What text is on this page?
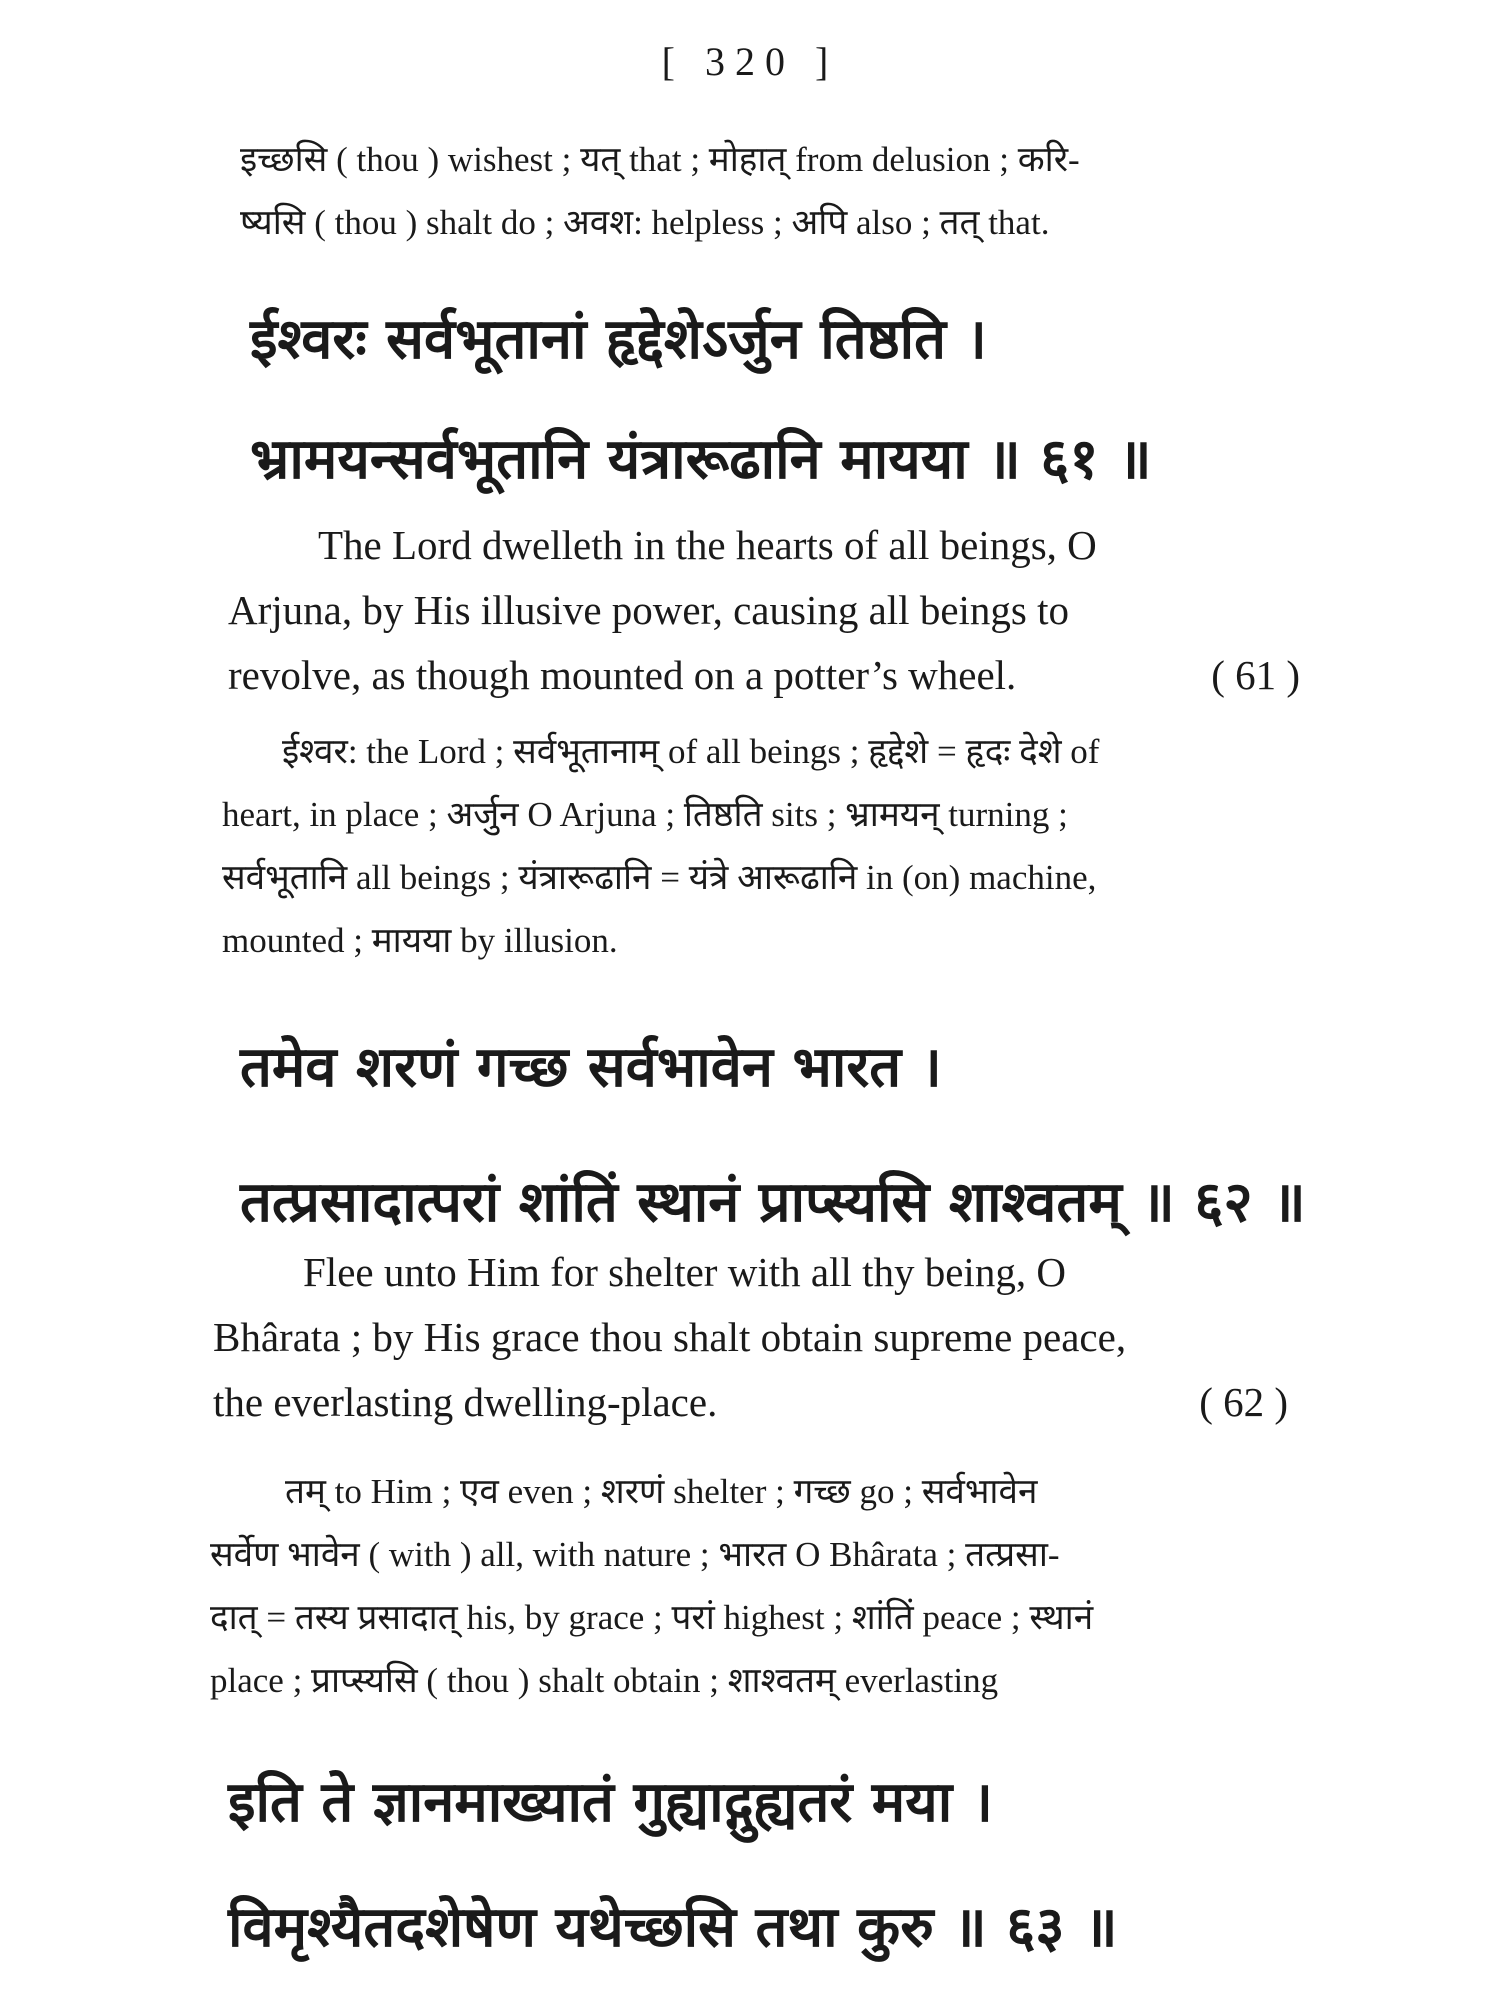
[ 320 ]
इच्छसि ( thou ) wishest ; यत् that ; मोहात् from delusion ; करि-
ष्यसि ( thou ) shalt do ; अवश: helpless ; अपि also ; तत् that.
ईश्वरः सर्वभूतानां हृद्देशेऽर्जुन तिष्ठति ।
भ्रामयन्सर्वभूतानि यंत्रारूढानि मायया ॥ ६१ ॥
The Lord dwelleth in the hearts of all beings, O
Arjuna, by His illusive power, causing all beings to
revolve, as though mounted on a potter’s wheel.	( 61 )
ईश्वर: the Lord ; सर्वभूतानाम् of all beings ; हृद्देशे = हृदः देशे of
heart, in place ; अर्जुन O Arjuna ; तिष्ठति sits ; भ्रामयन् turning ;
सर्वभूतानि all beings ; यंत्रारूढानि = यंत्रे आरूढानि in (on) machine,
mounted ; मायया by illusion.
तमेव शरणं गच्छ सर्वभावेन भारत ।
तत्प्रसादात्परां शांतिं स्थानं प्राप्स्यसि शाश्वतम् ॥ ६२ ॥
Flee unto Him for shelter with all thy being, O
Bhârata ; by His grace thou shalt obtain supreme peace,
the everlasting dwelling-place.	( 62 )
तम् to Him ; एव even ; शरणं shelter ; गच्छ go ; सर्वभावेन
सर्वेण भावेन ( with ) all, with nature ; भारत O Bhârata ; तत्प्रसा-
दात् = तस्य प्रसादात् his, by grace ; परां highest ; शांतिं peace ; स्थानं
place ; प्राप्स्यसि ( thou ) shalt obtain ; शाश्वतम् everlasting
इति ते ज्ञानमाख्यातं गुह्याद्गुह्यतरं मया ।
विमृश्यैतदशेषेण यथेच्छसि तथा कुरु ॥ ६३ ॥
